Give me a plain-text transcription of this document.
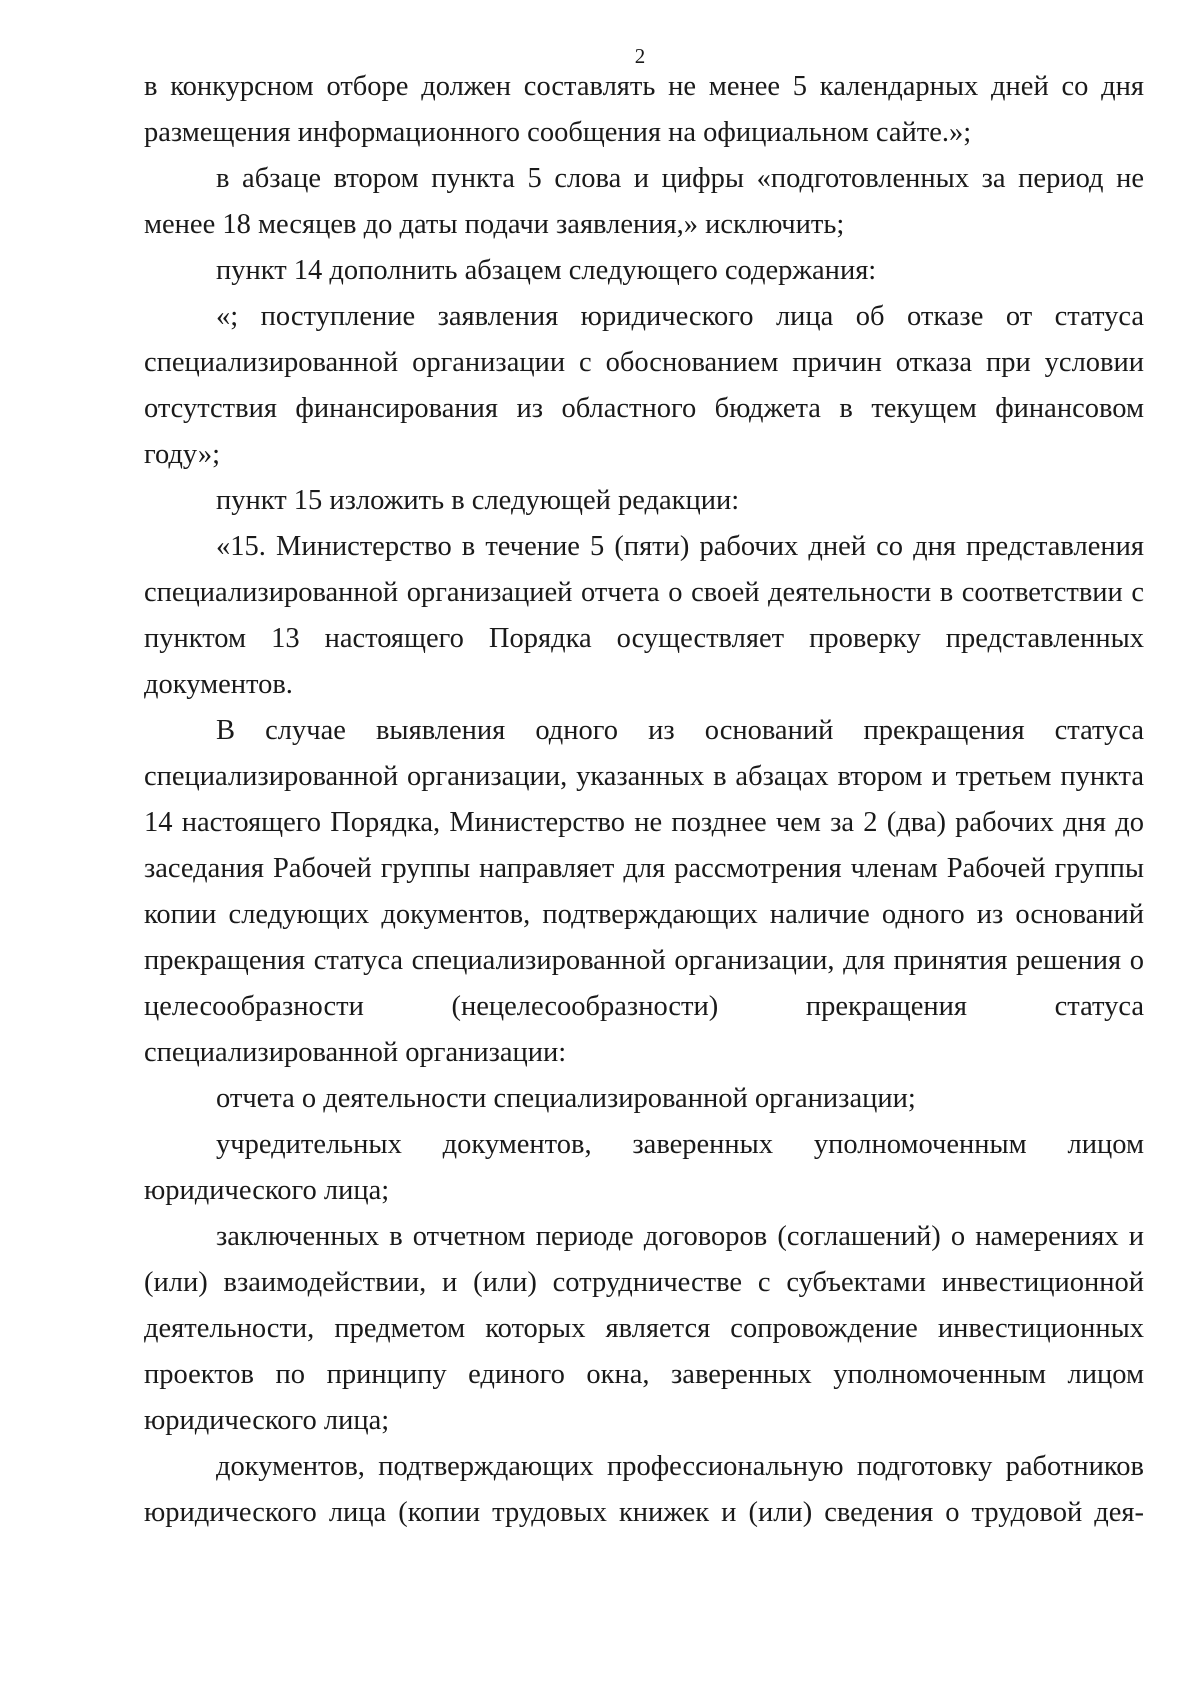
2

в конкурсном отборе должен составлять не менее 5 календарных дней со дня размещения информационного сообщения на официальном сайте.»;

в абзаце втором пункта 5 слова и цифры «подготовленных за период не менее 18 месяцев до даты подачи заявления,» исключить;

пункт 14 дополнить абзацем следующего содержания:

«; поступление заявления юридического лица об отказе от статуса специализированной организации с обоснованием причин отказа при условии отсутствия финансирования из областного бюджета в текущем финансовом году»;

пункт 15 изложить в следующей редакции:

«15. Министерство в течение 5 (пяти) рабочих дней со дня представления специализированной организацией отчета о своей деятельности в соответствии с пунктом 13 настоящего Порядка осуществляет проверку представленных документов.

В случае выявления одного из оснований прекращения статуса специализированной организации, указанных в абзацах втором и третьем пункта 14 настоящего Порядка, Министерство не позднее чем за 2 (два) рабочих дня до заседания Рабочей группы направляет для рассмотрения членам Рабочей группы копии следующих документов, подтверждающих наличие одного из оснований прекращения статуса специализированной организации, для принятия решения о целесообразности (нецелесообразности) прекращения статуса специализированной организации:

отчета о деятельности специализированной организации;

учредительных документов, заверенных уполномоченным лицом юридического лица;

заключенных в отчетном периоде договоров (соглашений) о намерениях и (или) взаимодействии, и (или) сотрудничестве с субъектами инвестиционной деятельности, предметом которых является сопровождение инвестиционных проектов по принципу единого окна, заверенных уполномоченным лицом юридического лица;

документов, подтверждающих профессиональную подготовку работников юридического лица (копии трудовых книжек и (или) сведения о трудовой дея-
